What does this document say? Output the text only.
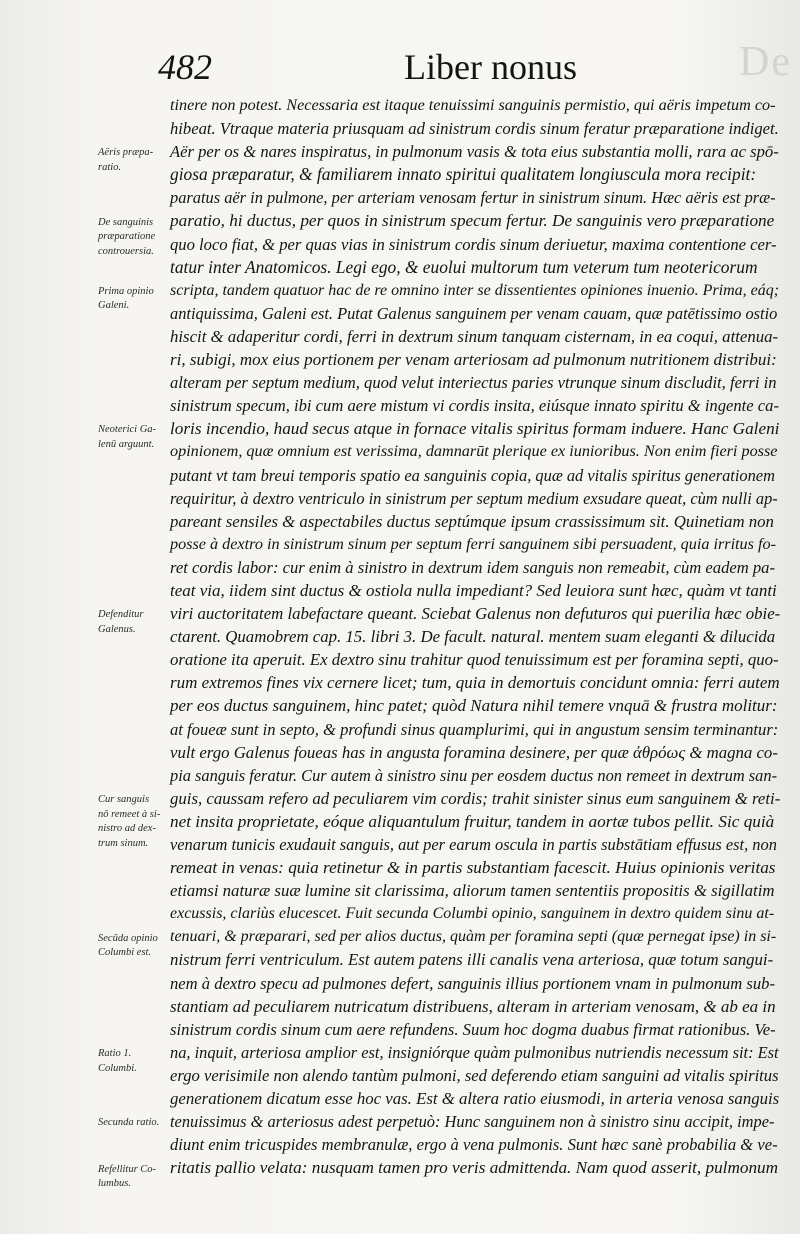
De
482	Liber nonus
tinere non potest. Necessaria est itaque tenuissimi sanguinis permistio, qui aëris impetum co-
hibeat. Vtraque materia priusquam ad sinistrum cordis sinum feratur præparatione indiget.
Aër per os & nares inspiratus, in pulmonum vasis & tota eius substantia molli, rara ac spō-
giosa præparatur, & familiarem innato spiritui qualitatem longiuscula mora recipit:
paratus aër in pulmone, per arteriam venosam fertur in sinistrum sinum. Hæc aëris est præ-
paratio, hi ductus, per quos in sinistrum specum fertur. De sanguinis vero præparatione
quo loco fiat, & per quas vias in sinistrum cordis sinum deriuetur, maxima contentione cer-
tatur inter Anatomicos. Legi ego, & euolui multorum tum veterum tum neotericorum
scripta, tandem quatuor hac de re omnino inter se dissentientes opiniones inuenio. Prima, eáq;
antiquissima, Galeni est. Putat Galenus sanguinem per venam cauam, quæ patētissimo ostio
hiscit & adaperitur cordi, ferri in dextrum sinum tanquam cisternam, in ea coqui, attenua-
ri, subigi, mox eius portionem per venam arteriosam ad pulmonum nutritionem distribui:
alteram per septum medium, quod velut interiectus paries vtrunque sinum discludit, ferri in
sinistrum specum, ibi cum aere mistum vi cordis insita, eiúsque innato spiritu & ingente ca-
loris incendio, haud secus atque in fornace vitalis spiritus formam induere. Hanc Galeni
opinionem, quæ omnium est verissima, damnarūt plerique ex iunioribus. Non enim fieri posse
putant vt tam breui temporis spatio ea sanguinis copia, quæ ad vitalis spiritus generationem
requiritur, à dextro ventriculo in sinistrum per septum medium exsudare queat, cùm nulli ap-
pareant sensiles & aspectabiles ductus septúmque ipsum crassissimum sit. Quinetiam non
posse à dextro in sinistrum sinum per septum ferri sanguinem sibi persuadent, quia irritus fo-
ret cordis labor: cur enim à sinistro in dextrum idem sanguis non remeabit, cùm eadem pa-
teat via, iidem sint ductus & ostiola nulla impediant? Sed leuiora sunt hæc, quàm vt tanti
viri auctoritatem labefactare queant. Sciebat Galenus non defuturos qui puerilia hæc obie-
ctarent. Quamobrem cap. 15. libri 3. De facult. natural. mentem suam eleganti & dilucida
oratione ita aperuit. Ex dextro sinu trahitur quod tenuissimum est per foramina septi, quo-
rum extremos fines vix cernere licet; tum, quia in demortuis concidunt omnia: ferri autem
per eos ductus sanguinem, hinc patet; quòd Natura nihil temere vnquā & frustra molitur:
at foueæ sunt in septo, & profundi sinus quamplurimi, qui in angustum sensim terminantur:
vult ergo Galenus foueas has in angusta foramina desinere, per quæ ἀθρόως & magna co-
pia sanguis feratur. Cur autem à sinistro sinu per eosdem ductus non remeet in dextrum san-
guis, caussam refero ad peculiarem vim cordis; trahit sinister sinus eum sanguinem & reti-
net insita proprietate, eóque aliquantulum fruitur, tandem in aortæ tubos pellit. Sic quià
venarum tunicis exudauit sanguis, aut per earum oscula in partis substātiam effusus est, non
remeat in venas: quia retinetur & in partis substantiam facescit. Huius opinionis veritas
etiamsi naturæ suæ lumine sit clarissima, aliorum tamen sententiis propositis & sigillatim
excussis, clariùs elucescet. Fuit secunda Columbi opinio, sanguinem in dextro quidem sinu at-
tenuari, & præparari, sed per alios ductus, quàm per foramina septi (quæ pernegat ipse) in si-
nistrum ferri ventriculum. Est autem patens illi canalis vena arteriosa, quæ totum sangui-
nem à dextro specu ad pulmones defert, sanguinis illius portionem vnam in pulmonum sub-
stantiam ad peculiarem nutricatum distribuens, alteram in arteriam venosam, & ab ea in
sinistrum cordis sinum cum aere refundens. Suum hoc dogma duabus firmat rationibus. Ve-
na, inquit, arteriosa amplior est, insigniórque quàm pulmonibus nutriendis necessum sit: Est
ergo verisimile non alendo tantùm pulmoni, sed deferendo etiam sanguini ad vitalis spiritus
generationem dicatum esse hoc vas. Est & altera ratio eiusmodi, in arteria venosa sanguis
tenuissimus & arteriosus adest perpetuò: Hunc sanguinem non à sinistro sinu accipit, impe-
diunt enim tricuspides membranulæ, ergo à vena pulmonis. Sunt hæc sanè probabilia & ve-
ritatis pallio velata: nusquam tamen pro veris admittenda. Nam quod asserit, pulmonum
Aëris præpa-
ratio.
De sanguinis
præparatione
controuersia.
Prima opinio
Galeni.
Neoterici Ga-
lenū arguunt.
Defenditur
Galenus.
Cur sanguis
nō remeet à si-
nistro ad dex-
trum sinum.
Secūda opinio
Columbi est.
Ratio 1.
Columbi.
Secunda ratio.
Refellitur Co-
lumbus.
